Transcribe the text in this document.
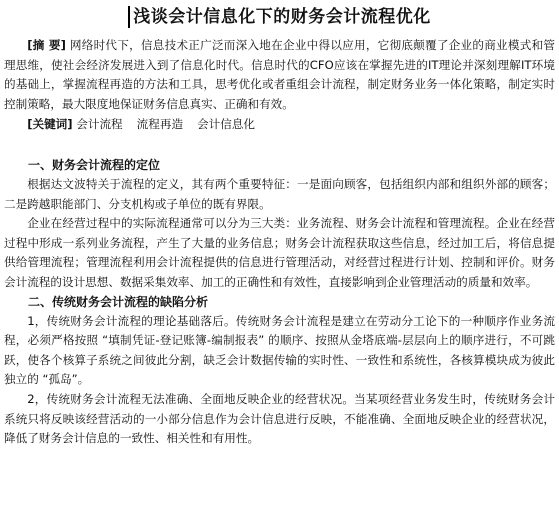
浅谈会计信息化下的财务会计流程优化

[摘 要] 网络时代下，信息技术正广泛而深入地在企业中得以应用，它彻底颠覆了企业的商业模式和管理思维，使社会经济发展进入到了信息化时代。信息时代的CFO应该在掌握先进的IT理论并深刻理解IT环境的基础上，掌握流程再造的方法和工具，思考优化或者重组会计流程，制定财务业务一体化策略，制定实时控制策略，最大限度地保证财务信息真实、正确和有效。

[关键词] 会计流程 流程再造 会计信息化

一、财务会计流程的定位

根据达文波特关于流程的定义，其有两个重要特征：一是面向顾客，包括组织内部和组织外部的顾客；二是跨越职能部门、分支机构或子单位的既有界限。

企业在经营过程中的实际流程通常可以分为三大类：业务流程、财务会计流程和管理流程。企业在经营过程中形成一系列业务流程，产生了大量的业务信息；财务会计流程获取这些信息，经过加工后，将信息提供给管理流程；管理流程利用会计流程提供的信息进行管理活动，对经营过程进行计划、控制和评价。财务会计流程的设计思想、数据采集效率、加工的正确性和有效性，直接影响到企业管理活动的质量和效率。

二、传统财务会计流程的缺陷分析

1，传统财务会计流程的理论基础落后。传统财务会计流程是建立在劳动分工论下的一种顺序作业务流程，必须严格按照 “填制凭证-登记账簿-编制报表” 的顺序、按照从金塔底端-层层向上的顺序进行，不可跳跃，使各个核算子系统之间彼此分割，缺乏会计数据传输的实时性、一致性和系统性，各核算模块成为彼此独立的 “孤岛”。

2，传统财务会计流程无法准确、全面地反映企业的经营状况。当某项经营业务发生时，传统财务会计系统只将反映该经营活动的一小部分信息作为会计信息进行反映，不能准确、全面地反映企业的经营状况，降低了财务会计信息的一致性、相关性和有用性。
